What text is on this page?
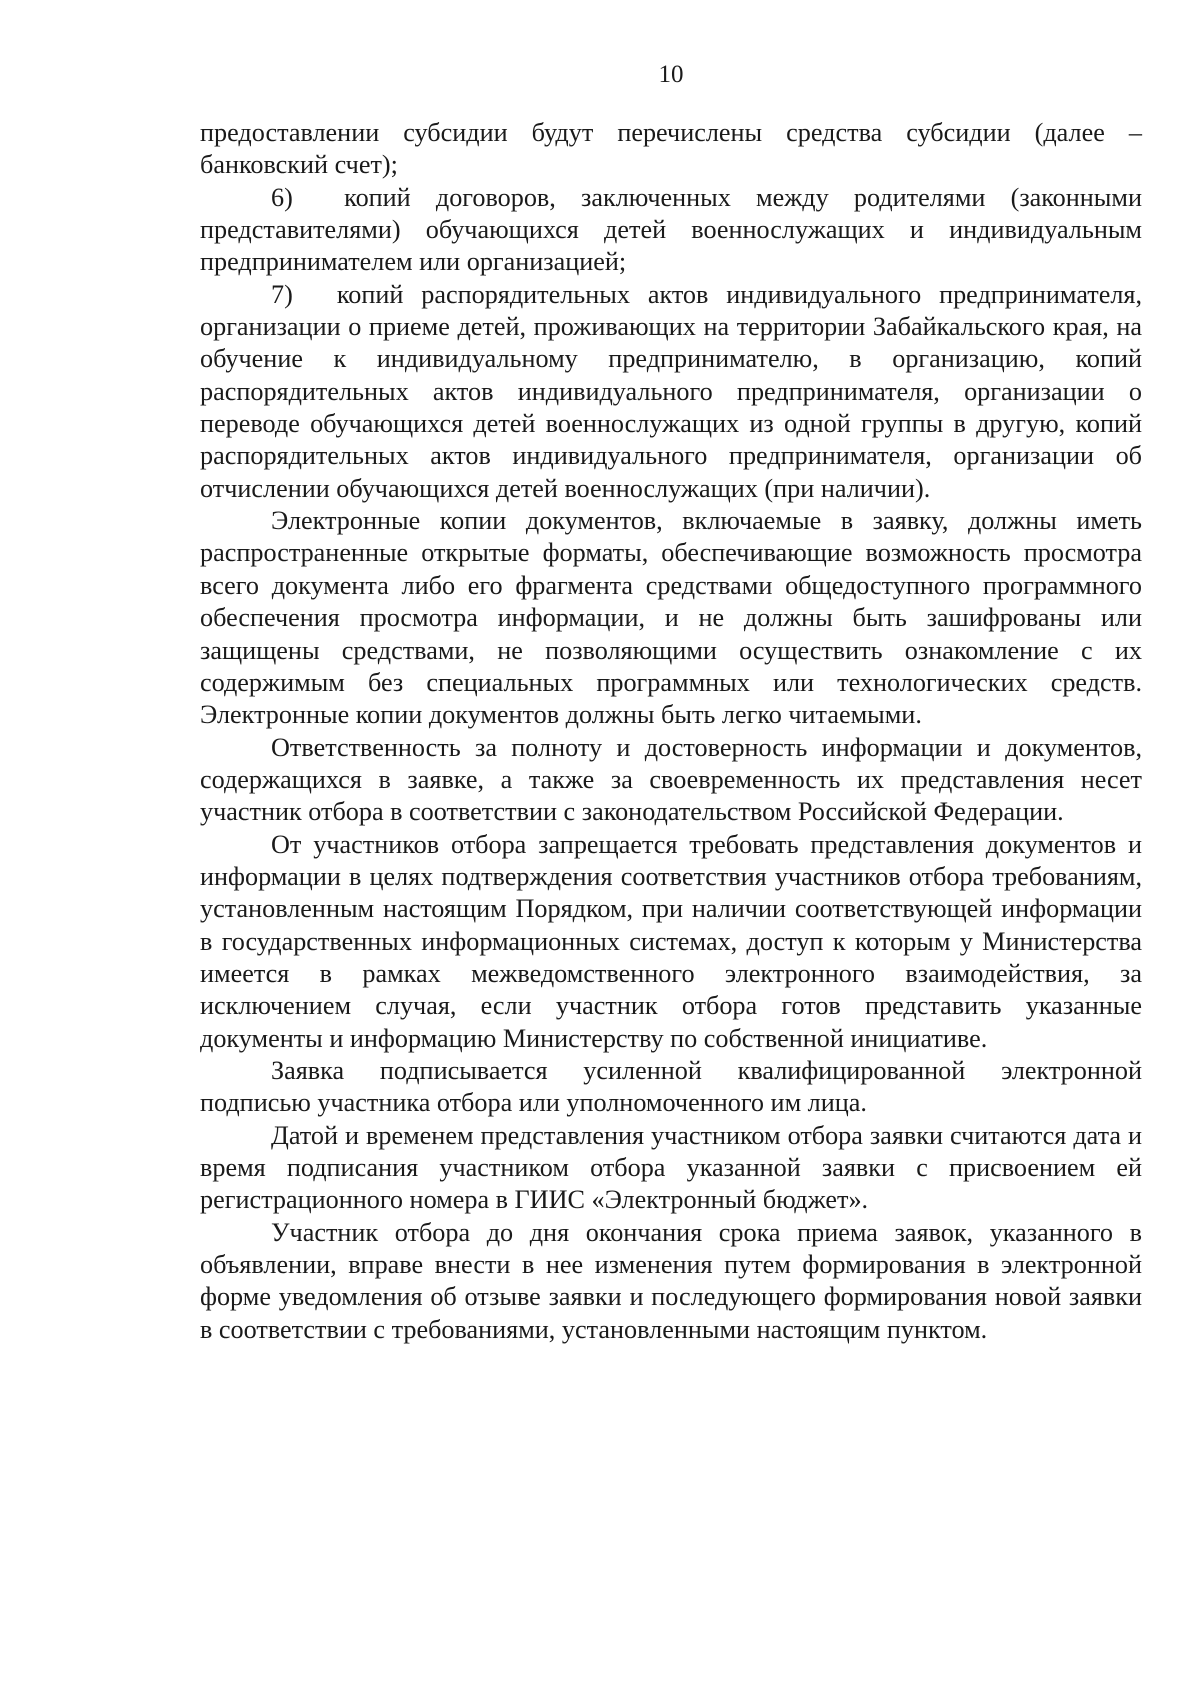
10

предоставлении субсидии будут перечислены средства субсидии (далее – банковский счет);

6)  копий договоров, заключенных между родителями (законными представителями) обучающихся детей военнослужащих и индивидуальным предпринимателем или организацией;

7)  копий распорядительных актов индивидуального предпринимателя, организации о приеме детей, проживающих на территории Забайкальского края, на обучение к индивидуальному предпринимателю, в организацию, копий распорядительных актов индивидуального предпринимателя, организации о переводе обучающихся детей военнослужащих из одной группы в другую, копий распорядительных актов индивидуального предпринимателя, организации об отчислении обучающихся детей военнослужащих (при наличии).

Электронные копии документов, включаемые в заявку, должны иметь распространенные открытые форматы, обеспечивающие возможность просмотра всего документа либо его фрагмента средствами общедоступного программного обеспечения просмотра информации, и не должны быть зашифрованы или защищены средствами, не позволяющими осуществить ознакомление с их содержимым без специальных программных или технологических средств. Электронные копии документов должны быть легко читаемыми.

Ответственность за полноту и достоверность информации и документов, содержащихся в заявке, а также за своевременность их представления несет участник отбора в соответствии с законодательством Российской Федерации.

От участников отбора запрещается требовать представления документов и информации в целях подтверждения соответствия участников отбора требованиям, установленным настоящим Порядком, при наличии соответствующей информации в государственных информационных системах, доступ к которым у Министерства имеется в рамках межведомственного электронного взаимодействия, за исключением случая, если участник отбора готов представить указанные документы и информацию Министерству по собственной инициативе.

Заявка подписывается усиленной квалифицированной электронной подписью участника отбора или уполномоченного им лица.

Датой и временем представления участником отбора заявки считаются дата и время подписания участником отбора указанной заявки с присвоением ей регистрационного номера в ГИИС «Электронный бюджет».

Участник отбора до дня окончания срока приема заявок, указанного в объявлении, вправе внести в нее изменения путем формирования в электронной форме уведомления об отзыве заявки и последующего формирования новой заявки в соответствии с требованиями, установленными настоящим пунктом.
